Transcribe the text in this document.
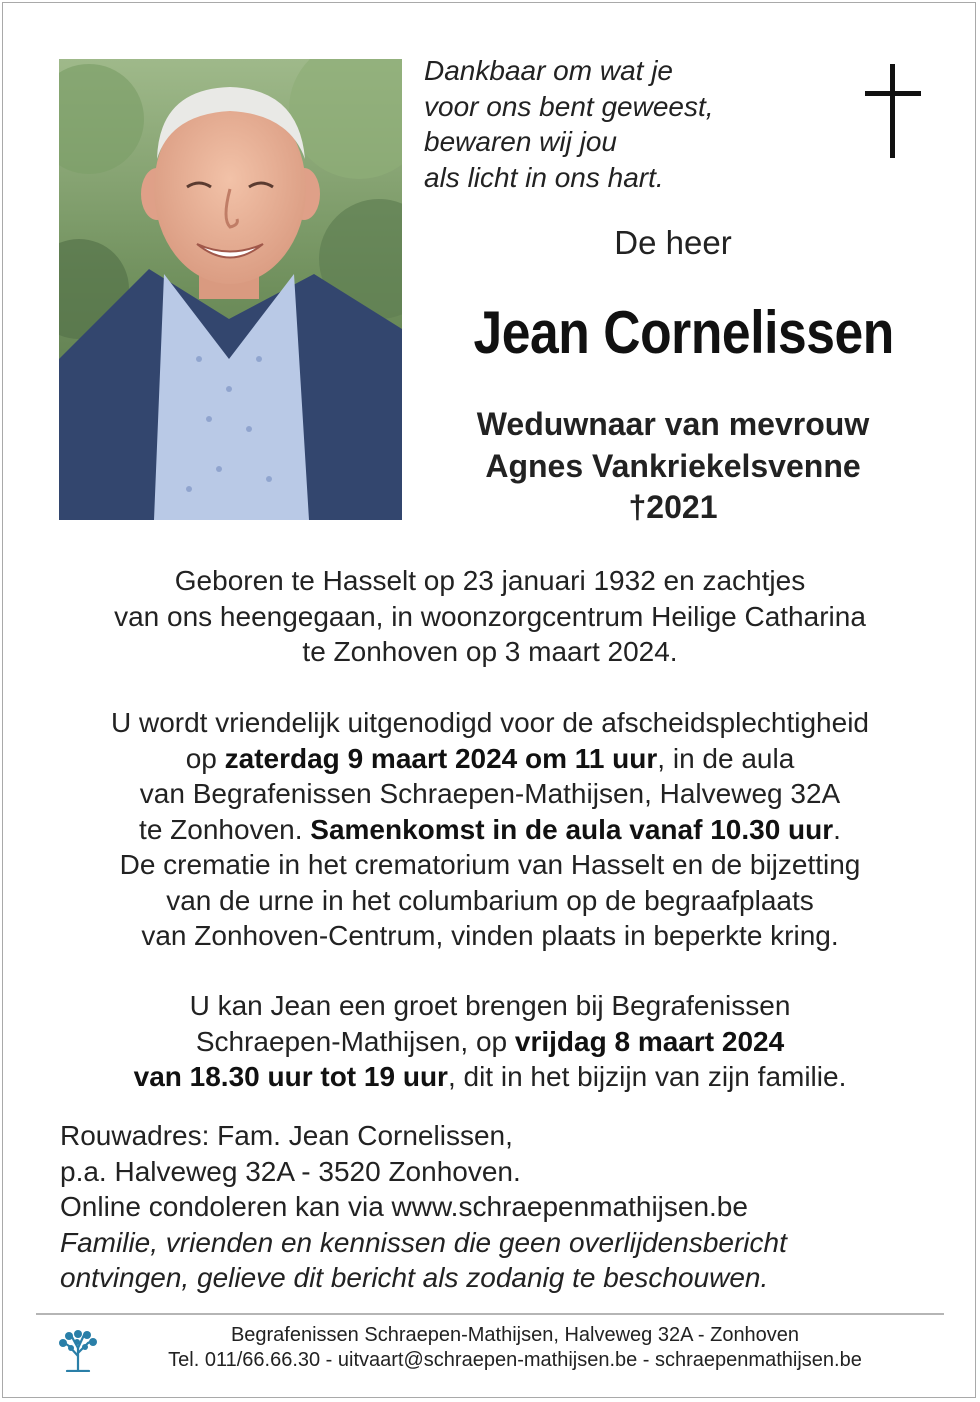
Dankbaar om wat je
voor ons bent geweest,
bewaren wij jou
als licht in ons hart.
De heer
Jean Cornelissen
Weduwnaar van mevrouw
Agnes Vankriekelsvenne
†2021
Geboren te Hasselt op 23 januari 1932 en zachtjes
van ons heengegaan, in woonzorgcentrum Heilige Catharina
te Zonhoven op 3 maart 2024.
U wordt vriendelijk uitgenodigd voor de afscheidsplechtigheid
op zaterdag 9 maart 2024 om 11 uur, in de aula
van Begrafenissen Schraepen-Mathijsen, Halveweg 32A
te Zonhoven. Samenkomst in de aula vanaf 10.30 uur.
De crematie in het crematorium van Hasselt en de bijzetting
van de urne in het columbarium op de begraafplaats
van Zonhoven-Centrum, vinden plaats in beperkte kring.
U kan Jean een groet brengen bij Begrafenissen
Schraepen-Mathijsen, op vrijdag 8 maart 2024
van 18.30 uur tot 19 uur, dit in het bijzijn van zijn familie.
Rouwadres: Fam. Jean Cornelissen,
p.a. Halveweg 32A - 3520 Zonhoven.
Online condoleren kan via www.schraepenmathijsen.be
Familie, vrienden en kennissen die geen overlijdensbericht
ontvingen, gelieve dit bericht als zodanig te beschouwen.
Begrafenissen Schraepen-Mathijsen, Halveweg 32A - Zonhoven
Tel. 011/66.66.30 - uitvaart@schraepen-mathijsen.be - schraepenmathijsen.be
